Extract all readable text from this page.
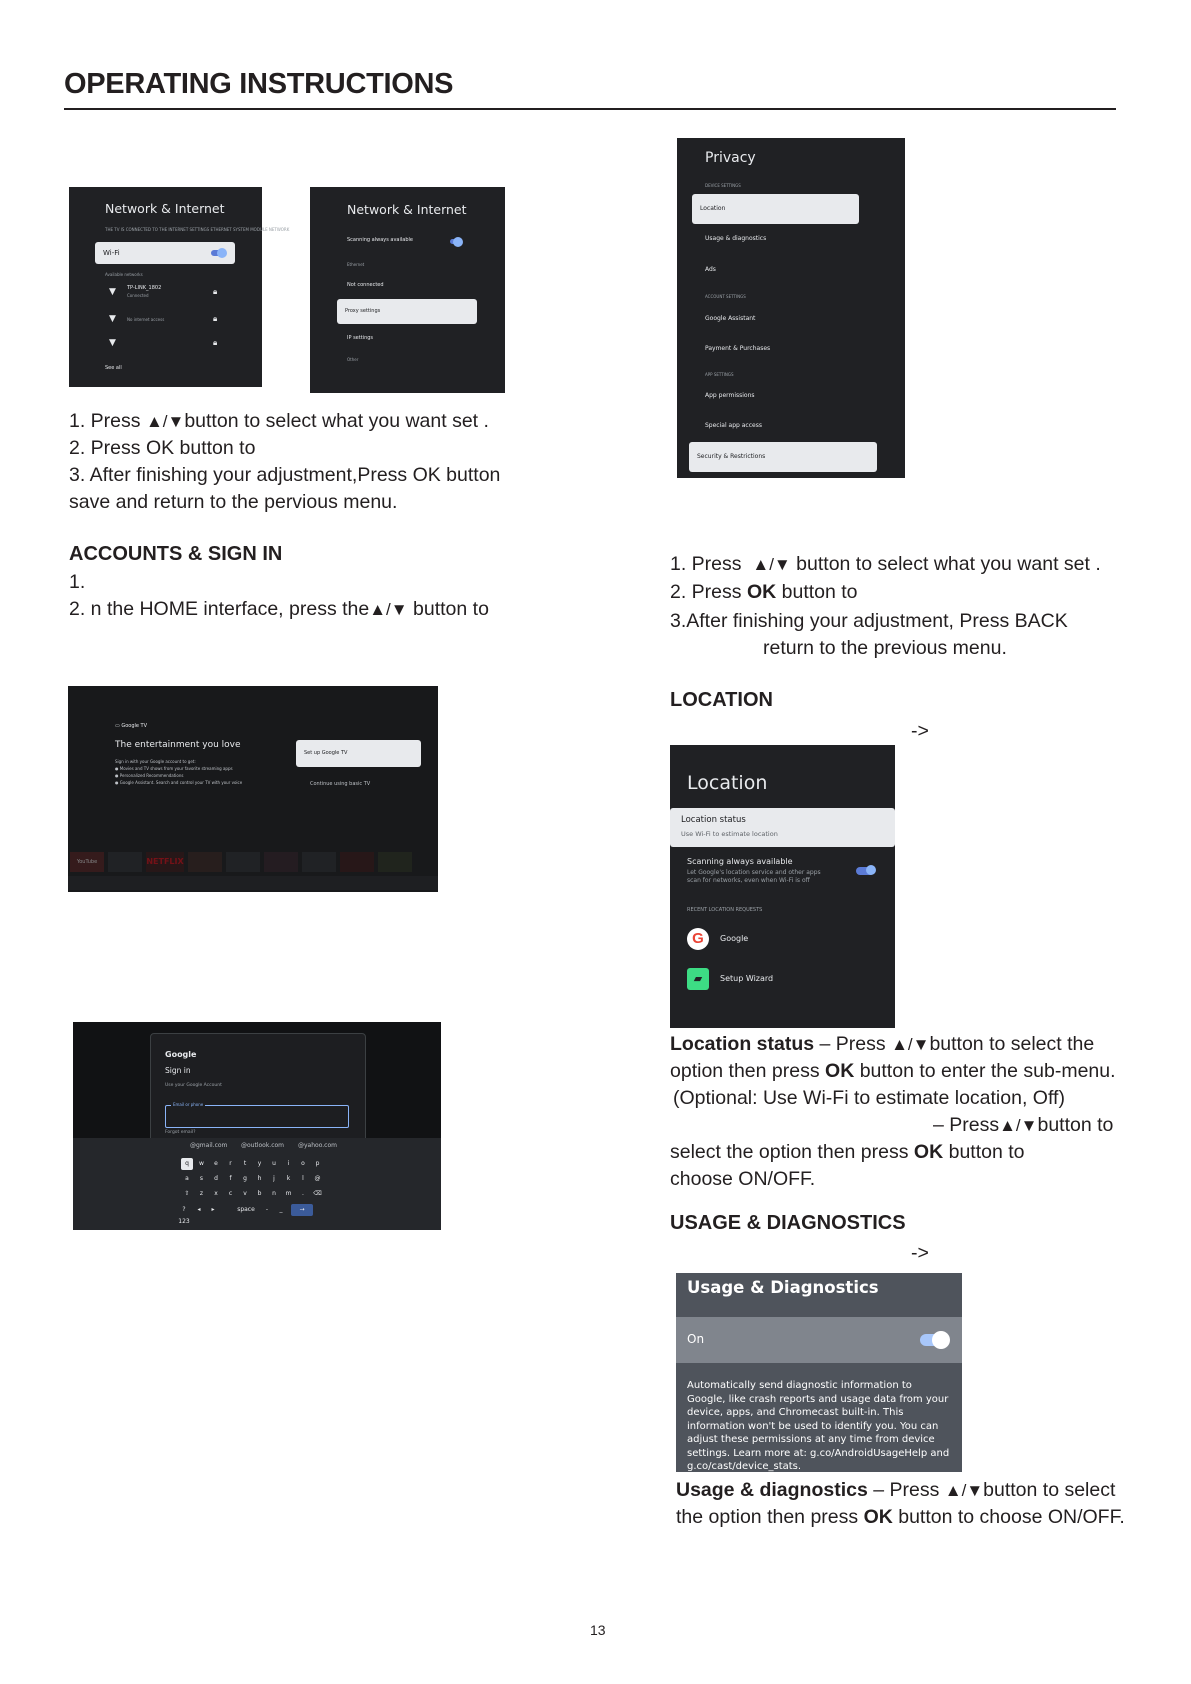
OPERATING INSTRUCTIONS
Network & Internet
THE TV IS CONNECTED TO THE INTERNET SETTINGS ETHERNET SYSTEM MODULE NETWORK
Wi-Fi
Available networks
▼ TP-LINK_1802
Connected	🔒︎
▼	No internet access	🔒︎
▼	🔒︎
See all
Network & Internet
Scanning always available
Ethernet
Not connected
Proxy settings
IP settings
Other
1. Press ▲/▼button to select what you want set .
2. Press OK button to
3. After finishing your adjustment,Press OK button
save and return to the pervious menu.
ACCOUNTS & SIGN IN
1.
2. n the HOME interface, press the▲/▼ button to
▭ Google TV
The entertainment you love
Sign in with your Google account to get:
● Movies and TV shows from your favorite streaming apps
● Personalized Recommendations
● Google Assistant. Search and control your TV with your voice
Set up Google TV
Continue using basic TV
YouTube	NETFLIX
Google
Sign in
Use your Google Account
Email or phone
Forgot email?
@gmail.com @outlook.com @yahoo.com
q	w	e	r	t	y	u	i	o	p
a	s	d	f	g	h	j	k	l	@
⇧	z	x	c	v	b	n	m	.	⌫
?123
◂	▸	space	-	_	→
Privacy
DEVICE SETTINGS
Location
Usage & diagnostics
Ads
ACCOUNT SETTINGS
Google Assistant
Payment & Purchases
APP SETTINGS
App permissions
Special app access
Security & Restrictions
1. Press ▲/▼ button to select what you want set .
2. Press OK button to
3.After finishing your adjustment, Press BACK
return to the previous menu.
LOCATION
->
Location
Location status
Use Wi-Fi to estimate location
Scanning always available
Let Google's location service and other apps
scan for networks, even when Wi-Fi is off
RECENT LOCATION REQUESTS
G	Google
▰	Setup Wizard
Location status – Press ▲/▼button to select the
option then press OK button to enter the sub-menu.
(Optional: Use Wi-Fi to estimate location, Off)
– Press▲/▼button to
select the option then press OK button to
choose ON/OFF.
USAGE & DIAGNOSTICS
->
Usage & Diagnostics
On
Automatically send diagnostic information to Google, like crash reports and usage data from your device, apps, and Chromecast built-in. This information won't be used to identify you. You can adjust these permissions at any time from device settings. Learn more at: g.co/AndroidUsageHelp and g.co/cast/device_stats.
Usage & diagnostics – Press ▲/▼button to select
the option then press OK button to choose ON/OFF.
13
